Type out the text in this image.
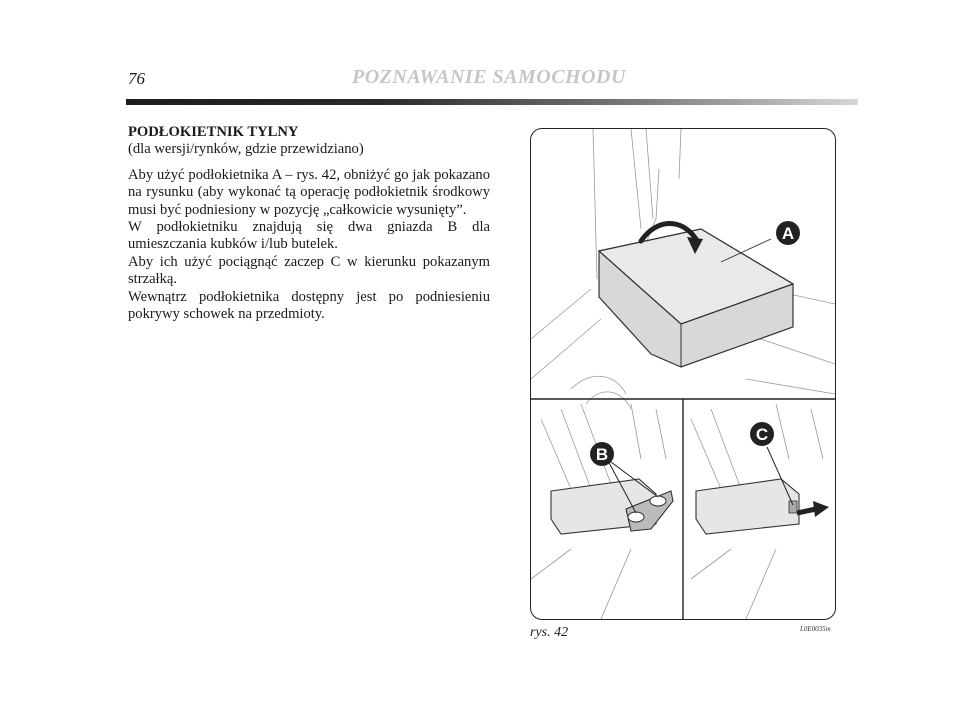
76	POZNAWANIE SAMOCHODU

PODŁOKIETNIK TYLNY

(dla wersji/rynków, gdzie przewidziano)

Aby użyć podłokietnika A – rys. 42, obniżyć go jak pokazano na rysunku (aby wykonać tą operację podłokietnik środkowy musi być podniesiony w pozycję „całkowicie wysunięty”.

W podłokietniku znajdują się dwa gniazda B dla umieszczania kubków i/lub butelek.

Aby ich użyć pociągnąć zaczep C w kierunku pokazanym strzałką.

Wewnątrz podłokietnika dostępny jest po podniesieniu pokrywy schowek na przedmioty.

A
B
C
rys. 42	L0E0035m
